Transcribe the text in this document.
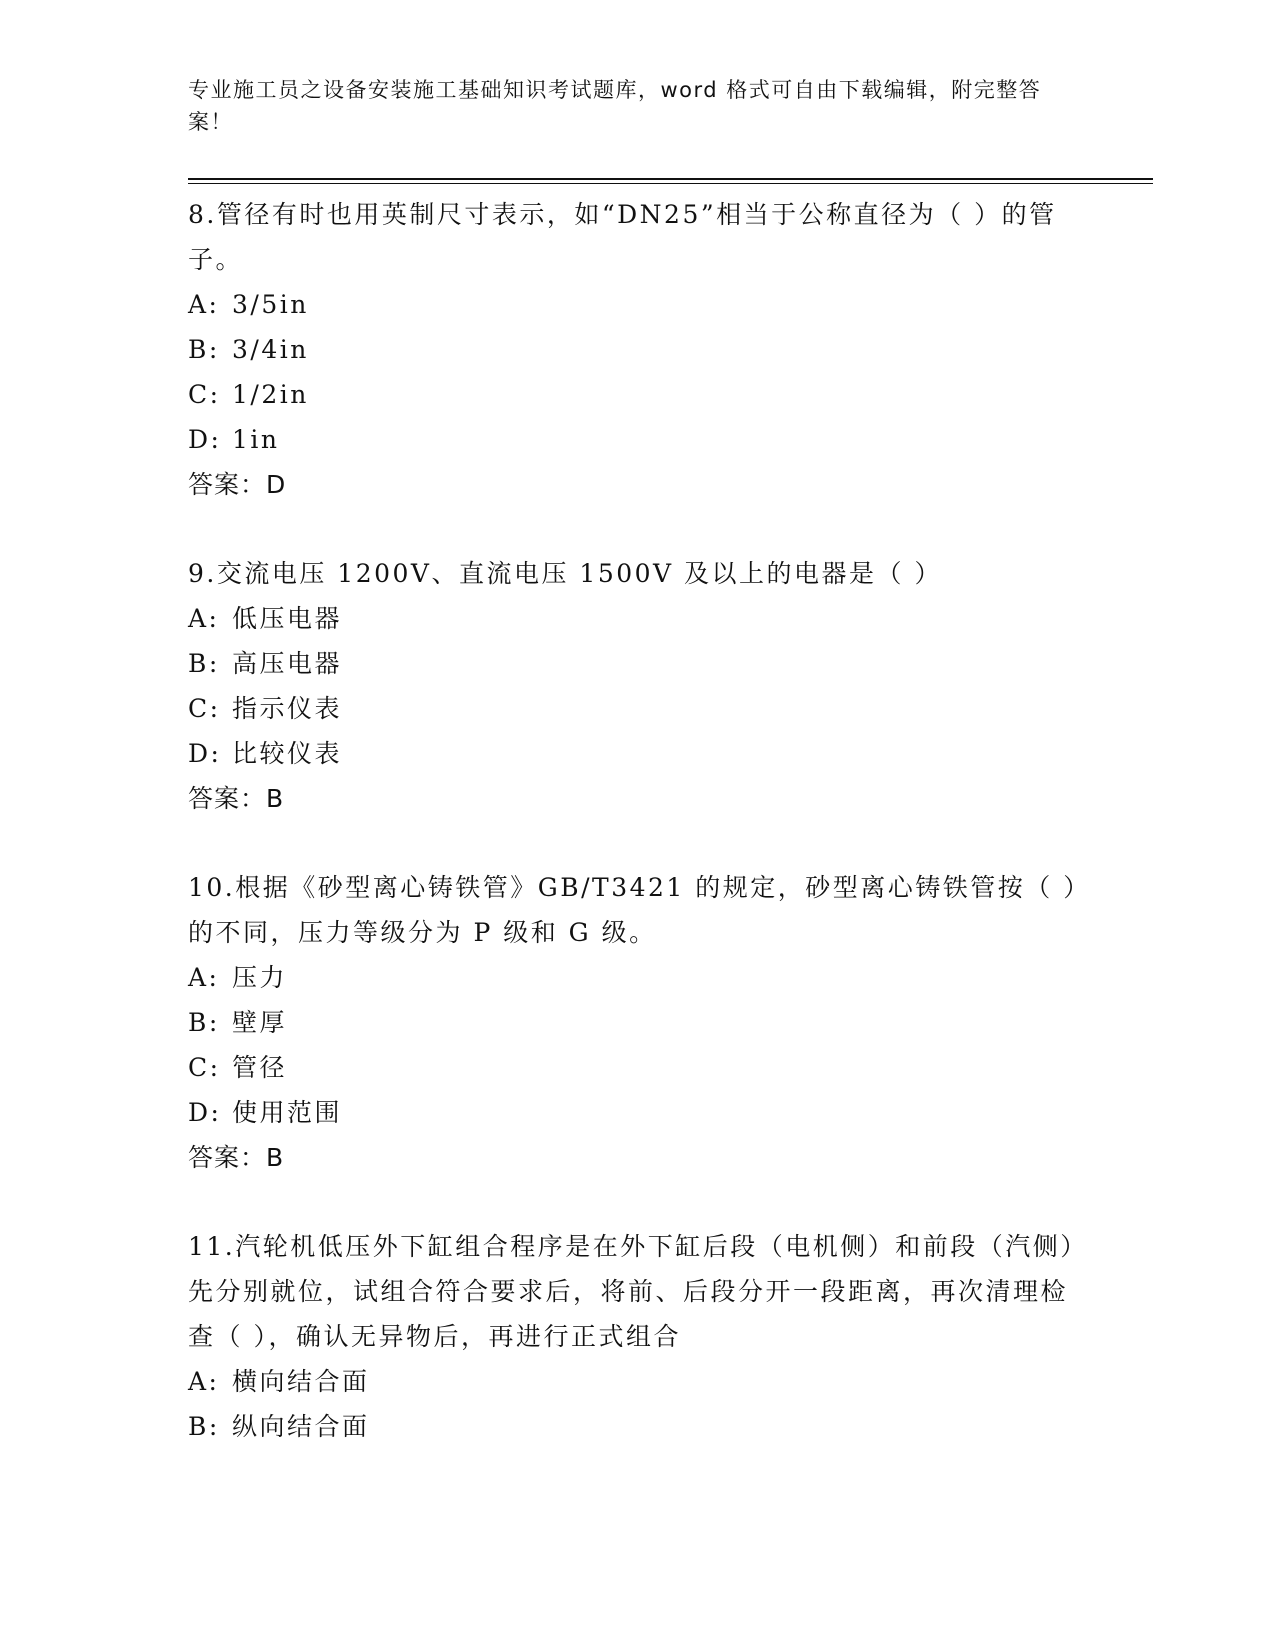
专业施工员之设备安装施工基础知识考试题库，word 格式可自由下载编辑，附完整答案！
8.管径有时也用英制尺寸表示，如“DN25”相当于公称直径为（ ）的管子。
A: 3/5in
B: 3/4in
C: 1/2in
D: 1in
答案：D
9.交流电压 1200V、直流电压 1500V 及以上的电器是（ ）
A: 低压电器
B: 高压电器
C: 指示仪表
D: 比较仪表
答案：B
10.根据《砂型离心铸铁管》GB/T3421 的规定，砂型离心铸铁管按（ ）的不同，压力等级分为 P 级和 G 级。
A: 压力
B: 壁厚
C: 管径
D: 使用范围
答案：B
11.汽轮机低压外下缸组合程序是在外下缸后段（电机侧）和前段（汽侧）先分别就位，试组合符合要求后，将前、后段分开一段距离，再次清理检查（ ），确认无异物后，再进行正式组合
A: 横向结合面
B: 纵向结合面
